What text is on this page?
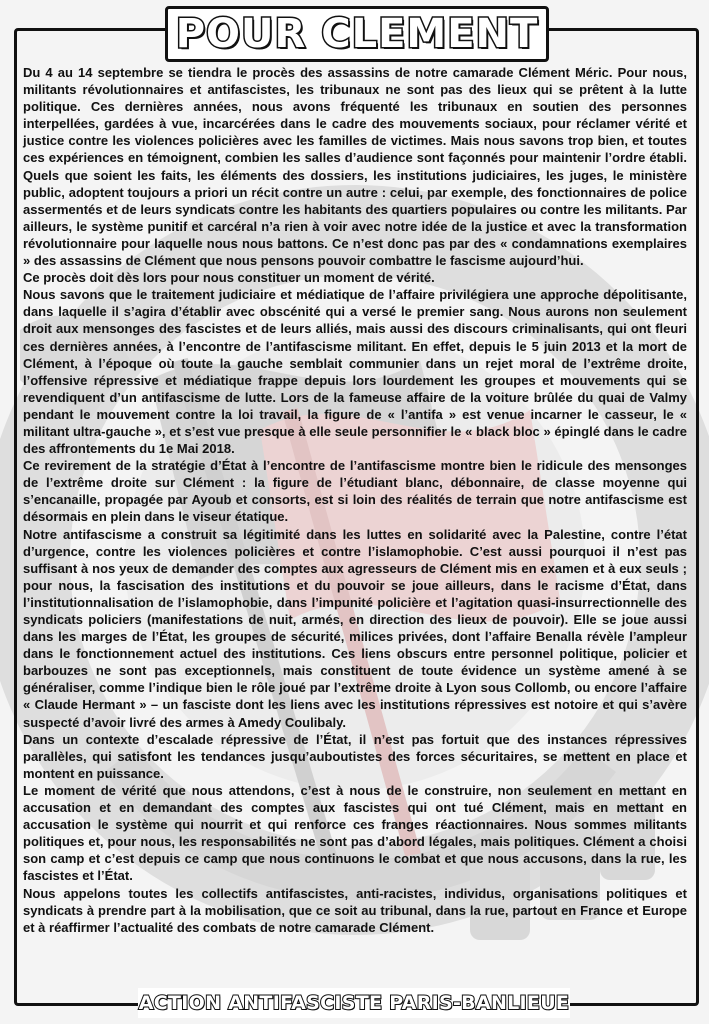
POUR CLEMENT

Du 4 au 14 septembre se tiendra le procès des assassins de notre camarade Clément Méric. Pour nous, militants révolutionnaires et antifascistes, les tribunaux ne sont pas des lieux qui se prêtent à la lutte politique. Ces dernières années, nous avons fréquenté les tribunaux en soutien des personnes interpellées, gardées à vue, incarcérées dans le cadre des mouvements sociaux, pour réclamer vérité et justice contre les violences policières avec les familles de victimes. Mais nous savons trop bien, et toutes ces expériences en témoignent, combien les salles d’audience sont façonnés pour maintenir l’ordre établi. Quels que soient les faits, les éléments des dossiers, les institutions judiciaires, les juges, le ministère public, adoptent toujours a priori un récit contre un autre : celui, par exemple, des fonctionnaires de police assermentés et de leurs syndicats contre les habitants des quartiers populaires ou contre les militants. Par ailleurs, le système punitif et carcéral n’a rien à voir avec notre idée de la justice et avec la transformation révolutionnaire pour laquelle nous nous battons. Ce n’est donc pas par des « condamnations exemplaires » des assassins de Clément que nous pensons pouvoir combattre le fascisme aujourd’hui.

Ce procès doit dès lors pour nous constituer un moment de vérité.

Nous savons que le traitement judiciaire et médiatique de l’affaire privilégiera une approche dépolitisante, dans laquelle il s’agira d’établir avec obscénité qui a versé le premier sang. Nous aurons non seulement droit aux mensonges des fascistes et de leurs alliés, mais aussi des discours criminalisants, qui ont fleuri ces dernières années, à l’encontre de l’antifascisme militant. En effet, depuis le 5 juin 2013 et la mort de Clément, à l’époque où toute la gauche semblait communier dans un rejet moral de l’extrême droite, l’offensive répressive et médiatique frappe depuis lors lourdement les groupes et mouvements qui se revendiquent d’un antifascisme de lutte. Lors de la fameuse affaire de la voiture brûlée du quai de Valmy pendant le mouvement contre la loi travail, la figure de « l’antifa » est venue incarner le casseur, le « militant ultra-gauche », et s’est vue presque à elle seule personnifier le « black bloc » épinglé dans le cadre des affrontements du 1e Mai 2018.

Ce revirement de la stratégie d’État à l’encontre de l’antifascisme montre bien le ridicule des mensonges de l’extrême droite sur Clément : la figure de l’étudiant blanc, débonnaire, de classe moyenne qui s’encanaille, propagée par Ayoub et consorts, est si loin des réalités de terrain que notre antifascisme est désormais en plein dans le viseur étatique.

Notre antifascisme a construit sa légitimité dans les luttes en solidarité avec la Palestine, contre l’état d’urgence, contre les violences policières et contre l’islamophobie. C’est aussi pourquoi il n’est pas suffisant à nos yeux de demander des comptes aux agresseurs de Clément mis en examen et à eux seuls ; pour nous, la fascisation des institutions et du pouvoir se joue ailleurs, dans le racisme d’État, dans l’institutionnalisation de l’islamophobie, dans l’impunité policière et l’agitation quasi-insurrectionnelle des syndicats policiers (manifestations de nuit, armés, en direction des lieux de pouvoir). Elle se joue aussi dans les marges de l’État, les groupes de sécurité, milices privées, dont l’affaire Benalla révèle l’ampleur dans le fonctionnement actuel des institutions. Ces liens obscurs entre personnel politique, policier et barbouzes ne sont pas exceptionnels, mais constituent de toute évidence un système amené à se généraliser, comme l’indique bien le rôle joué par l’extrême droite à Lyon sous Collomb, ou encore l’affaire « Claude Hermant » – un fasciste dont les liens avec les institutions répressives est notoire et qui s’avère suspecté d’avoir livré des armes à Amedy Coulibaly.

Dans un contexte d’escalade répressive de l’État, il n’est pas fortuit que des instances répressives parallèles, qui satisfont les tendances jusqu’auboutistes des forces sécuritaires, se mettent en place et montent en puissance.

Le moment de vérité que nous attendons, c’est à nous de le construire, non seulement en mettant en accusation et en demandant des comptes aux fascistes qui ont tué Clément, mais en mettant en accusation le système qui nourrit et qui renforce ces franges réactionnaires. Nous sommes militants politiques et, pour nous, les responsabilités ne sont pas d’abord légales, mais politiques. Clément a choisi son camp et c’est depuis ce camp que nous continuons le combat et que nous accusons, dans la rue, les fascistes et l’État.

Nous appelons toutes les collectifs antifascistes, anti-racistes, individus, organisations politiques et syndicats à prendre part à la mobilisation, que ce soit au tribunal, dans la rue, partout en France et Europe et à réaffirmer l’actualité des combats de notre camarade Clément.

ACTION ANTIFASCISTE PARIS-BANLIEUE
